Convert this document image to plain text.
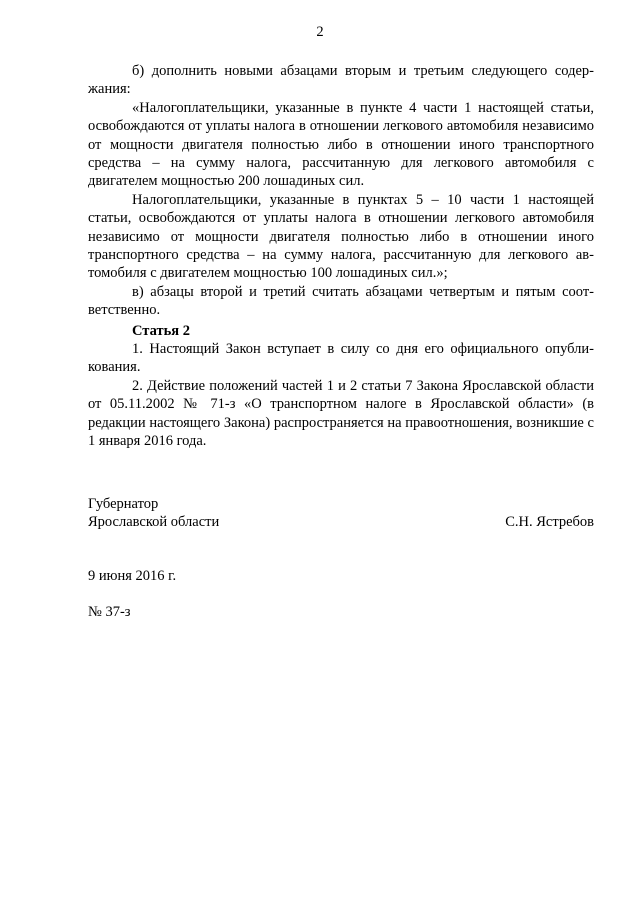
2

б) дополнить новыми абзацами вторым и третьим следующего содержания:

«Налогоплательщики, указанные в пункте 4 части 1 настоящей статьи, освобождаются от уплаты налога в отношении легкового автомобиля независимо от мощности двигателя полностью либо в отношении иного транспортного средства – на сумму налога, рассчитанную для легкового автомобиля с двигателем мощностью 200 лошадиных сил.

Налогоплательщики, указанные в пунктах 5 – 10 части 1 настоящей статьи, освобождаются от уплаты налога в отношении легкового автомобиля независимо от мощности двигателя полностью либо в отношении иного транспортного средства – на сумму налога, рассчитанную для легкового автомобиля с двигателем мощностью 100 лошадиных сил.»;

в) абзацы второй и третий считать абзацами четвертым и пятым соответственно.

Статья 2

1. Настоящий Закон вступает в силу со дня его официального опубликования.

2. Действие положений частей 1 и 2 статьи 7 Закона Ярославской области от 05.11.2002 № 71-з «О транспортном налоге в Ярославской области» (в редакции настоящего Закона) распространяется на правоотношения, возникшие с 1 января 2016 года.

Губернатор
Ярославской области	С.Н. Ястребов
9 июня 2016 г.
№ 37-з
